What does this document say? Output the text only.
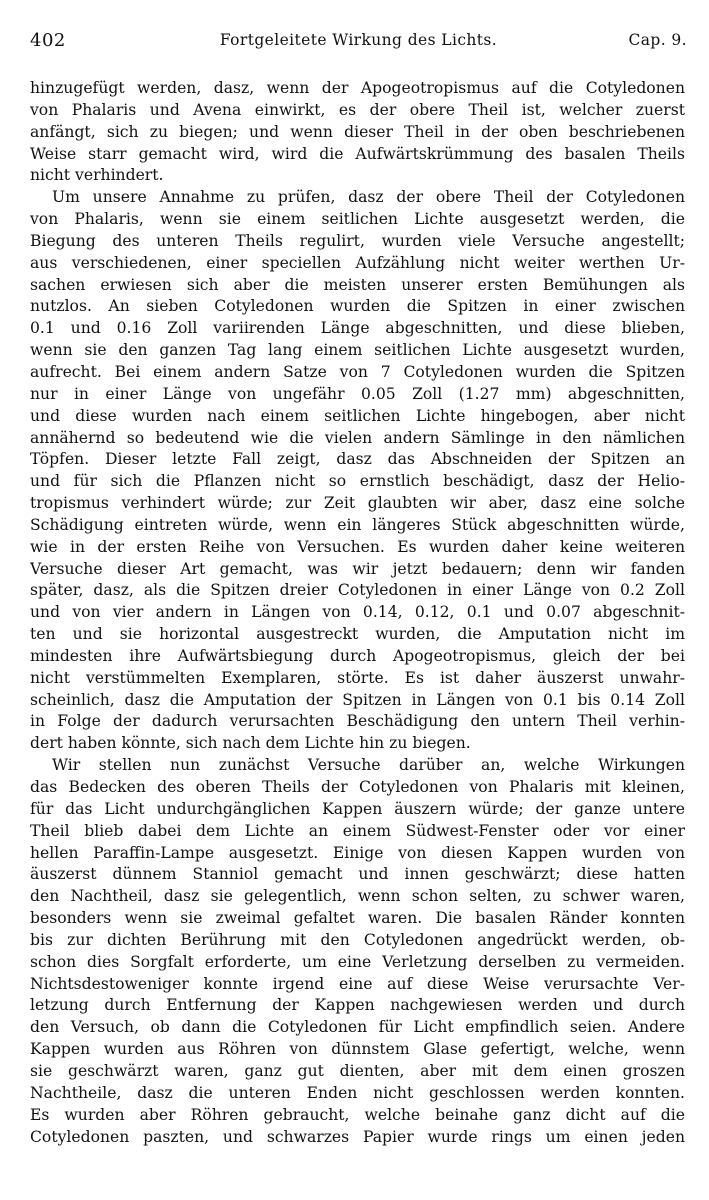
402	Fortgeleitete Wirkung des Lichts.	Cap. 9.
hinzugefügt werden, dasz, wenn der Apogeotropismus auf die Cotyledonen
von Phalaris und Avena einwirkt, es der obere Theil ist, welcher zuerst
anfängt, sich zu biegen; und wenn dieser Theil in der oben beschriebenen
Weise starr gemacht wird, wird die Aufwärtskrümmung des basalen Theils
nicht verhindert.
Um unsere Annahme zu prüfen, dasz der obere Theil der Cotyledonen
von Phalaris, wenn sie einem seitlichen Lichte ausgesetzt werden, die
Biegung des unteren Theils regulirt, wurden viele Versuche angestellt;
aus verschiedenen, einer speciellen Aufzählung nicht weiter werthen Ur-
sachen erwiesen sich aber die meisten unserer ersten Bemühungen als
nutzlos. An sieben Cotyledonen wurden die Spitzen in einer zwischen
0.1 und 0.16 Zoll variirenden Länge abgeschnitten, und diese blieben,
wenn sie den ganzen Tag lang einem seitlichen Lichte ausgesetzt wurden,
aufrecht. Bei einem andern Satze von 7 Cotyledonen wurden die Spitzen
nur in einer Länge von ungefähr 0.05 Zoll (1.27 mm) abgeschnitten,
und diese wurden nach einem seitlichen Lichte hingebogen, aber nicht
annähernd so bedeutend wie die vielen andern Sämlinge in den nämlichen
Töpfen. Dieser letzte Fall zeigt, dasz das Abschneiden der Spitzen an
und für sich die Pflanzen nicht so ernstlich beschädigt, dasz der Helio-
tropismus verhindert würde; zur Zeit glaubten wir aber, dasz eine solche
Schädigung eintreten würde, wenn ein längeres Stück abgeschnitten würde,
wie in der ersten Reihe von Versuchen. Es wurden daher keine weiteren
Versuche dieser Art gemacht, was wir jetzt bedauern; denn wir fanden
später, dasz, als die Spitzen dreier Cotyledonen in einer Länge von 0.2 Zoll
und von vier andern in Längen von 0.14, 0.12, 0.1 und 0.07 abgeschnit-
ten und sie horizontal ausgestreckt wurden, die Amputation nicht im
mindesten ihre Aufwärtsbiegung durch Apogeotropismus, gleich der bei
nicht verstümmelten Exemplaren, störte. Es ist daher äuszerst unwahr-
scheinlich, dasz die Amputation der Spitzen in Längen von 0.1 bis 0.14 Zoll
in Folge der dadurch verursachten Beschädigung den untern Theil verhin-
dert haben könnte, sich nach dem Lichte hin zu biegen.
Wir stellen nun zunächst Versuche darüber an, welche Wirkungen
das Bedecken des oberen Theils der Cotyledonen von Phalaris mit kleinen,
für das Licht undurchgänglichen Kappen äuszern würde; der ganze untere
Theil blieb dabei dem Lichte an einem Südwest-Fenster oder vor einer
hellen Paraffin-Lampe ausgesetzt. Einige von diesen Kappen wurden von
äuszerst dünnem Stanniol gemacht und innen geschwärzt; diese hatten
den Nachtheil, dasz sie gelegentlich, wenn schon selten, zu schwer waren,
besonders wenn sie zweimal gefaltet waren. Die basalen Ränder konnten
bis zur dichten Berührung mit den Cotyledonen angedrückt werden, ob-
schon dies Sorgfalt erforderte, um eine Verletzung derselben zu vermeiden.
Nichtsdestoweniger konnte irgend eine auf diese Weise verursachte Ver-
letzung durch Entfernung der Kappen nachgewiesen werden und durch
den Versuch, ob dann die Cotyledonen für Licht empfindlich seien. Andere
Kappen wurden aus Röhren von dünnstem Glase gefertigt, welche, wenn
sie geschwärzt waren, ganz gut dienten, aber mit dem einen groszen
Nachtheile, dasz die unteren Enden nicht geschlossen werden konnten.
Es wurden aber Röhren gebraucht, welche beinahe ganz dicht auf die
Cotyledonen paszten, und schwarzes Papier wurde rings um einen jeden
